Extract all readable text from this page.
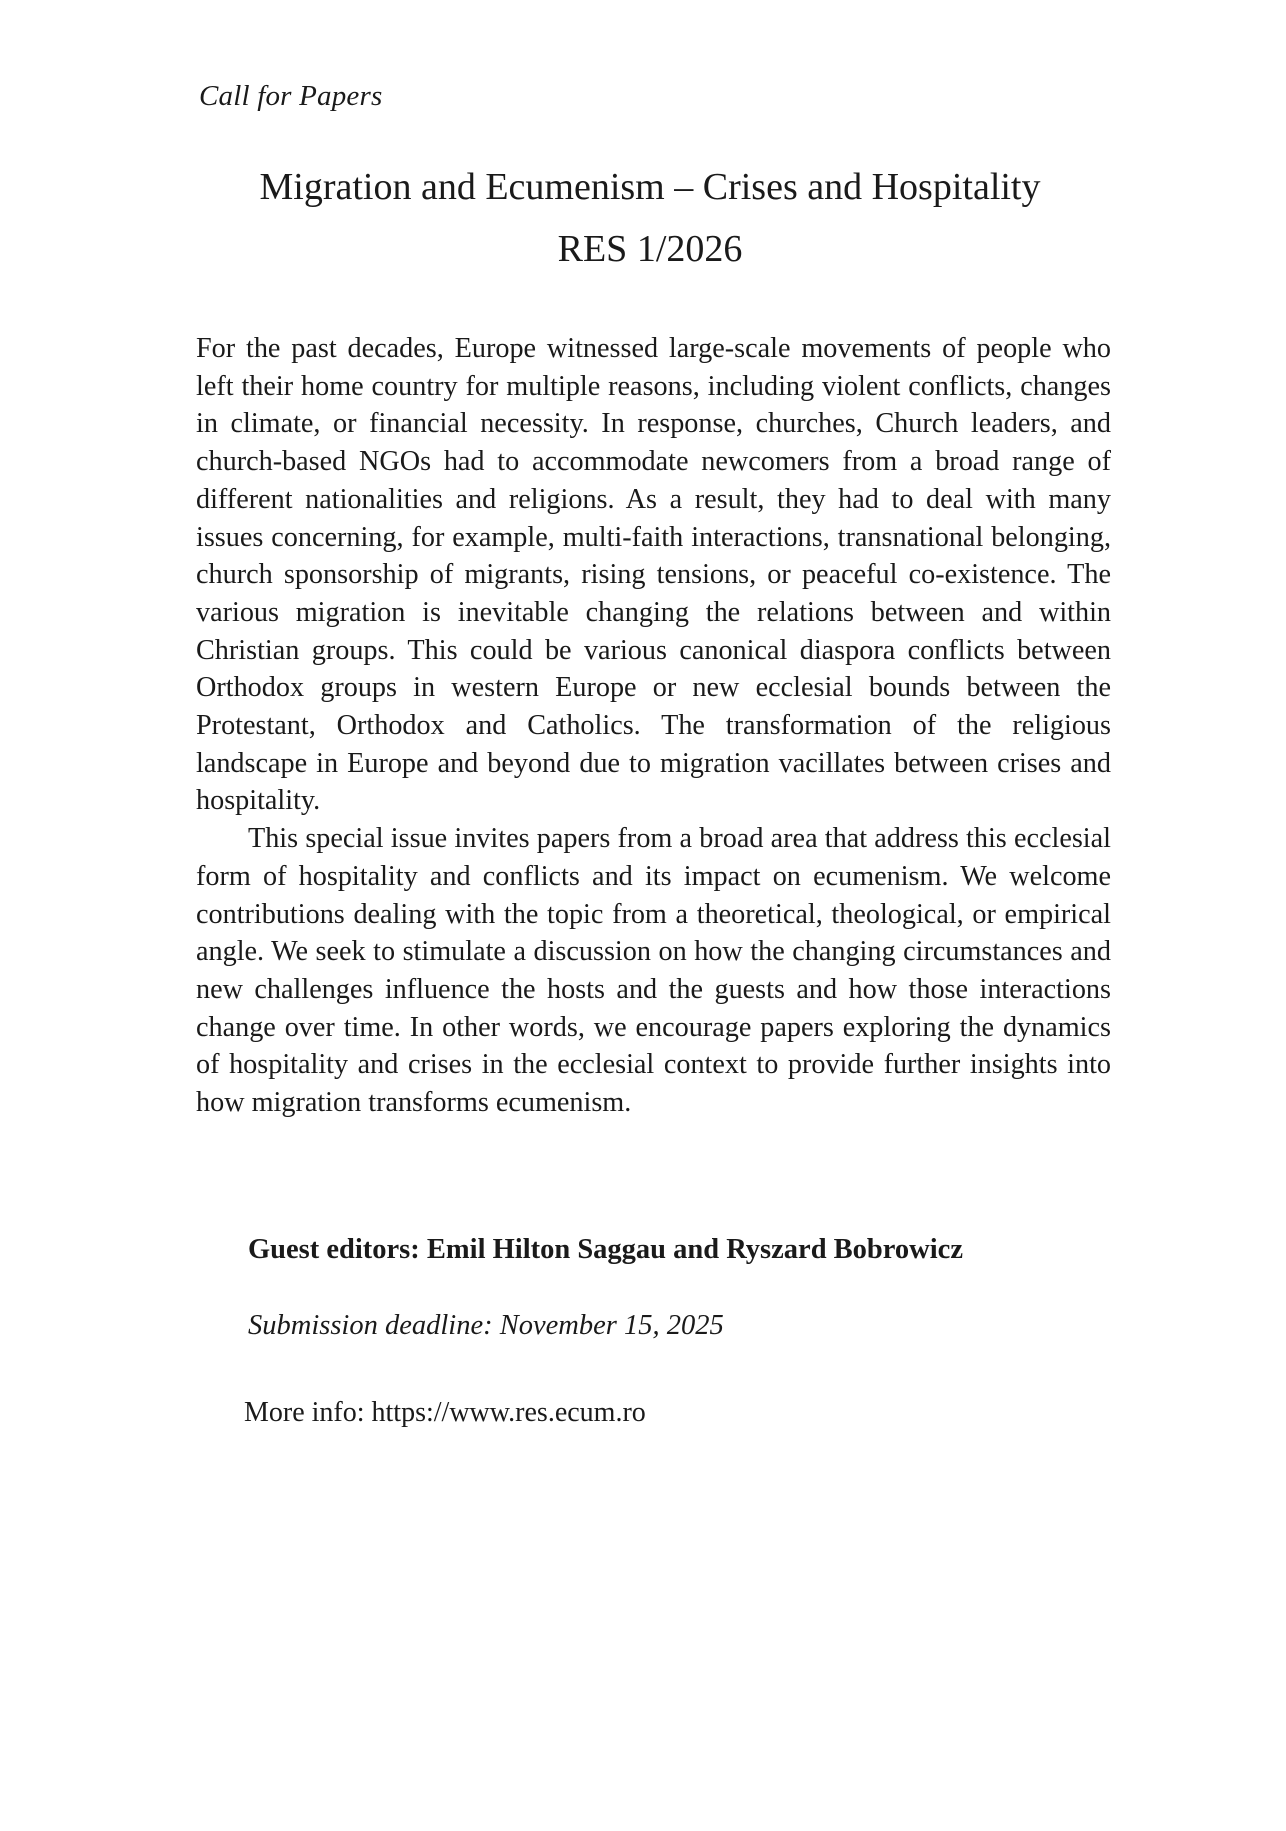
Call for Papers
Migration and Ecumenism – Crises and Hospitality
RES 1/2026

For the past decades, Europe witnessed large-scale movements of people who left their home country for multiple reasons, including violent conflicts, changes in climate, or financial necessity. In response, churches, Church leaders, and church-based NGOs had to accommodate newcomers from a broad range of different nationalities and religions. As a result, they had to deal with many issues concerning, for example, multi-faith interactions, transnational belonging, church sponsorship of migrants, rising tensions, or peaceful co-existence. The various migration is inevitable changing the relations between and within Christian groups. This could be various canonical diaspora conflicts between Orthodox groups in western Europe or new ecclesial bounds between the Protestant, Orthodox and Catholics. The transformation of the religious landscape in Europe and beyond due to migration vacillates between crises and hospitality.

This special issue invites papers from a broad area that address this ecclesial form of hospitality and conflicts and its impact on ecumenism. We welcome contributions dealing with the topic from a theoretical, theological, or empirical angle. We seek to stimulate a discussion on how the changing circumstances and new challenges influence the hosts and the guests and how those interactions change over time. In other words, we encourage papers exploring the dynamics of hospitality and crises in the ecclesial context to provide further insights into how migration transforms ecumenism.

Guest editors: Emil Hilton Saggau and Ryszard Bobrowicz
Submission deadline: November 15, 2025
More info: https://www.res.ecum.ro
